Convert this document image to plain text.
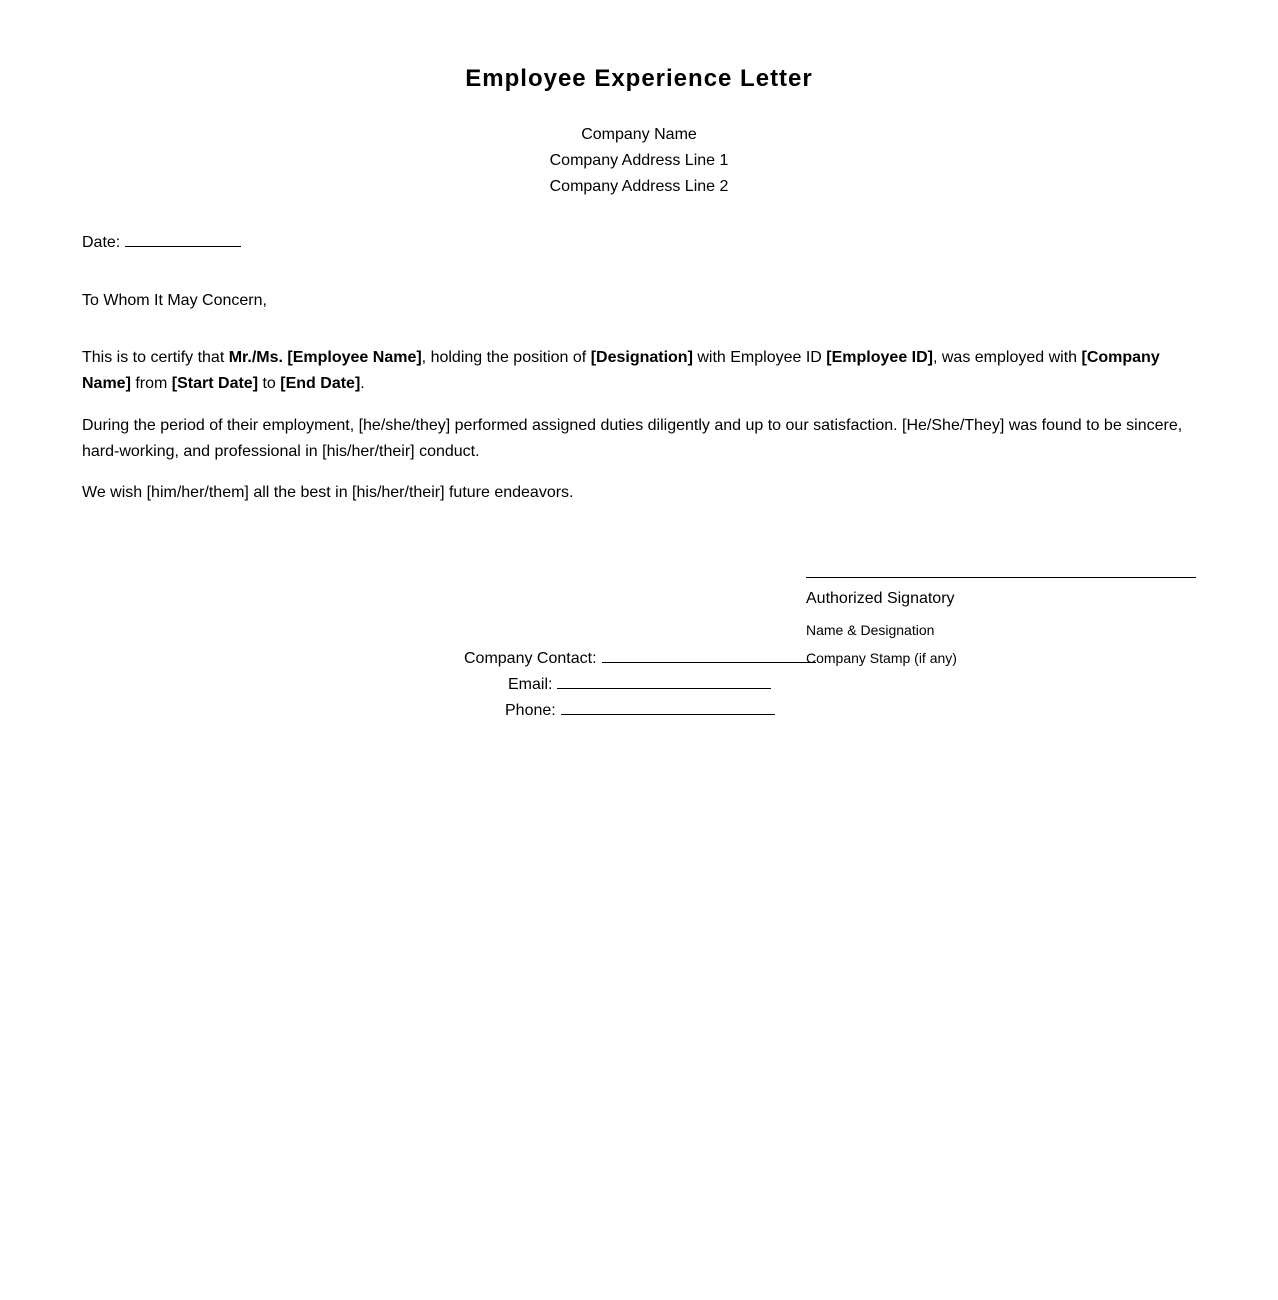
Employee Experience Letter
Company Name
Company Address Line 1
Company Address Line 2
Date:
To Whom It May Concern,

This is to certify that Mr./Ms. [Employee Name], holding the position of [Designation] with Employee ID [Employee ID], was employed with [Company Name] from [Start Date] to [End Date].

During the period of their employment, [he/she/they] performed assigned duties diligently and up to our satisfaction. [He/She/They] was found to be sincere, hard-working, and professional in [his/her/their] conduct.

We wish [him/her/them] all the best in [his/her/their] future endeavors.

Authorized Signatory
Name & Designation
Company Stamp (if any)
Company Contact:
Email:
Phone:
